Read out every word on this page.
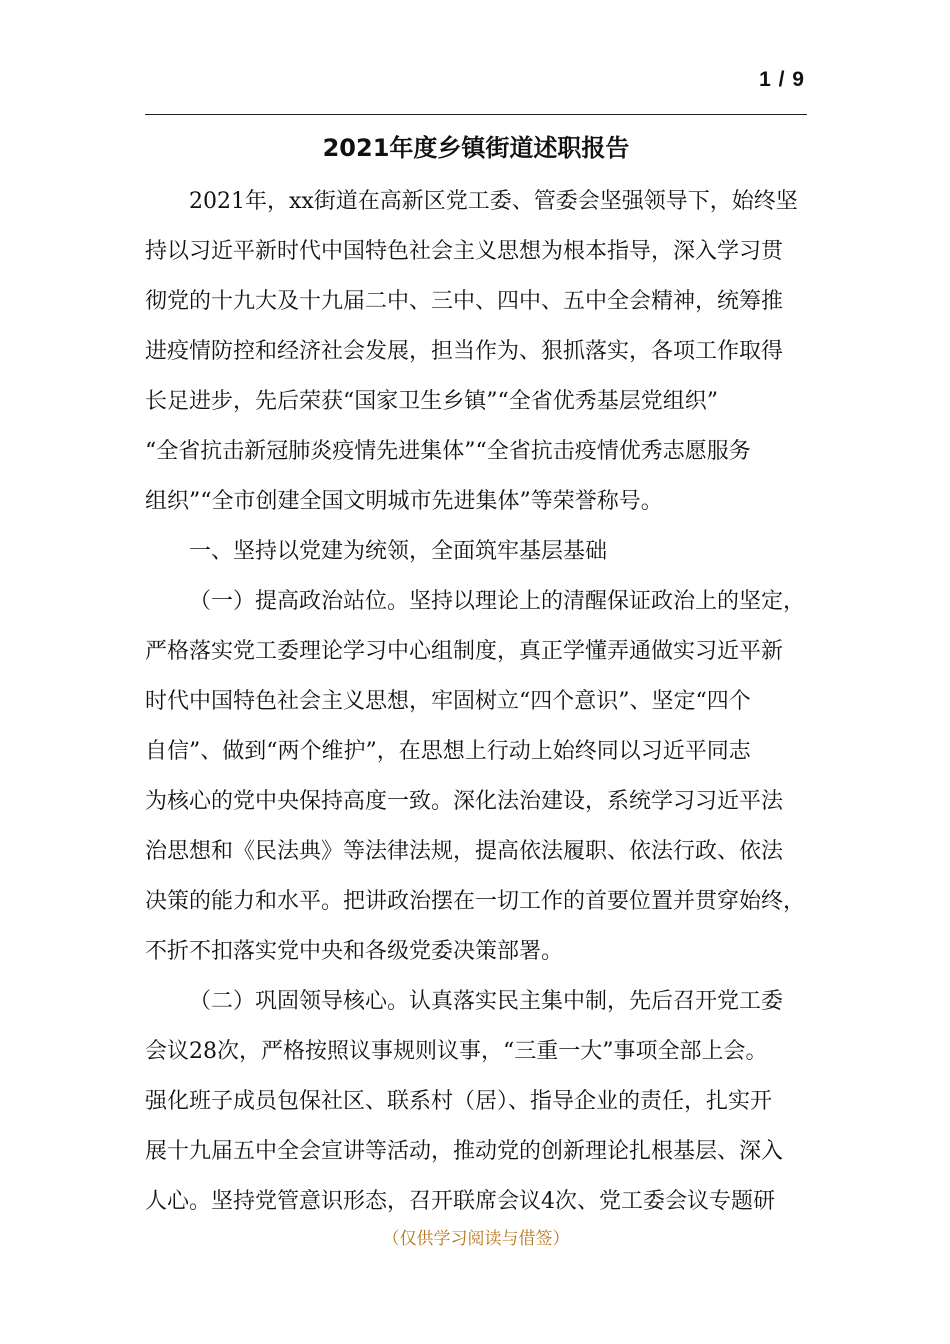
1 / 9
2021年度乡镇街道述职报告
2021年，xx街道在高新区党工委、管委会坚强领导下，始终坚
持以习近平新时代中国特色社会主义思想为根本指导，深入学习贯
彻党的十九大及十九届二中、三中、四中、五中全会精神，统筹推
进疫情防控和经济社会发展，担当作为、狠抓落实，各项工作取得
长足进步，先后荣获“国家卫生乡镇”“全省优秀基层党组织”
“全省抗击新冠肺炎疫情先进集体”“全省抗击疫情优秀志愿服务
组织”“全市创建全国文明城市先进集体”等荣誉称号。
一、坚持以党建为统领，全面筑牢基层基础
（一）提高政治站位。坚持以理论上的清醒保证政治上的坚定，
严格落实党工委理论学习中心组制度，真正学懂弄通做实习近平新
时代中国特色社会主义思想，牢固树立“四个意识”、坚定“四个
自信”、做到“两个维护”，在思想上行动上始终同以习近平同志
为核心的党中央保持高度一致。深化法治建设，系统学习习近平法
治思想和《民法典》等法律法规，提高依法履职、依法行政、依法
决策的能力和水平。把讲政治摆在一切工作的首要位置并贯穿始终，
不折不扣落实党中央和各级党委决策部署。
（二）巩固领导核心。认真落实民主集中制，先后召开党工委
会议28次，严格按照议事规则议事，“三重一大”事项全部上会。
强化班子成员包保社区、联系村（居）、指导企业的责任，扎实开
展十九届五中全会宣讲等活动，推动党的创新理论扎根基层、深入
人心。坚持党管意识形态，召开联席会议4次、党工委会议专题研
（仅供学习阅读与借签）
